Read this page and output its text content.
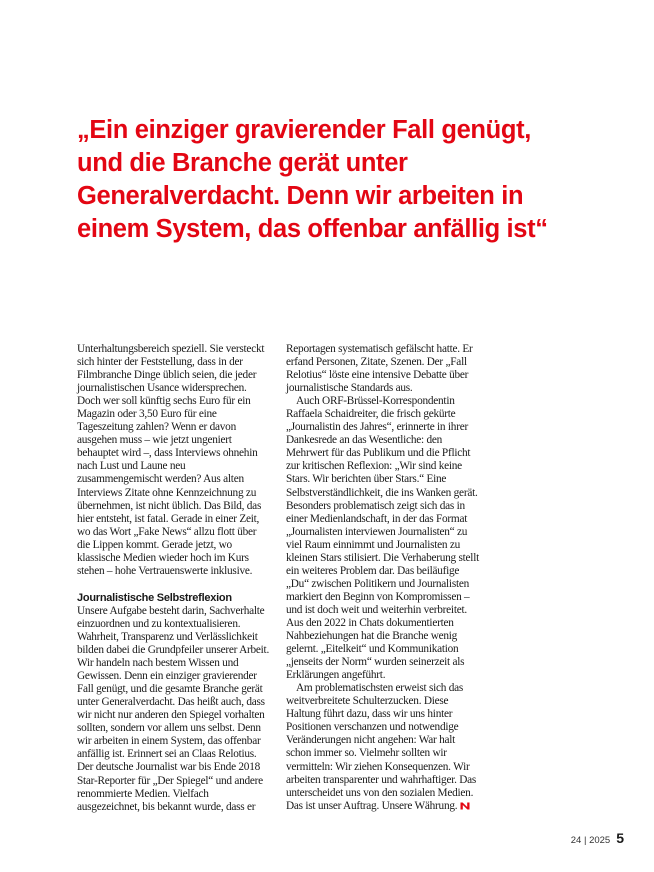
„Ein einziger gravierender Fall genügt,
und die Branche gerät unter
Generalverdacht. Denn wir arbeiten in
einem System, das offenbar anfällig ist“

Unterhaltungsbereich speziell. Sie versteckt sich hinter der Feststellung, dass in der Filmbranche Dinge üblich seien, die jeder journalistischen Usance widersprechen. Doch wer soll künftig sechs Euro für ein Magazin oder 3,50 Euro für eine Tageszeitung zahlen? Wenn er davon ausgehen muss – wie jetzt ungeniert behauptet wird –, dass Interviews ohnehin nach Lust und Laune neu zusammengemischt werden? Aus alten Interviews Zitate ohne Kennzeichnung zu übernehmen, ist nicht üblich. Das Bild, das hier entsteht, ist fatal. Gerade in einer Zeit, wo das Wort „Fake News“ allzu flott über die Lippen kommt. Gerade jetzt, wo klassische Medien wieder hoch im Kurs stehen – hohe Vertrauenswerte inklusive.

Journalistische Selbstreflexion

Unsere Aufgabe besteht darin, Sachverhalte einzuordnen und zu kontextualisieren. Wahrheit, Transparenz und Verlässlichkeit bilden dabei die Grundpfeiler unserer Arbeit. Wir handeln nach bestem Wissen und Gewissen. Denn ein einziger gravierender Fall genügt, und die gesamte Branche gerät unter Generalverdacht. Das heißt auch, dass wir nicht nur anderen den Spiegel vorhalten sollten, sondern vor allem uns selbst. Denn wir arbeiten in einem System, das offenbar anfällig ist. Erinnert sei an Claas Relotius. Der deutsche Journalist war bis Ende 2018 Star-Reporter für „Der Spiegel“ und andere renommierte Medien. Vielfach ausgezeichnet, bis bekannt wurde, dass er

Reportagen systematisch gefälscht hatte. Er erfand Personen, Zitate, Szenen. Der „Fall Relotius“ löste eine intensive Debatte über journalistische Standards aus.

Auch ORF-Brüssel-Korrespondentin Raffaela Schaidreiter, die frisch gekürte „Journalistin des Jahres“, erinnerte in ihrer Dankesrede an das Wesentliche: den Mehrwert für das Publikum und die Pflicht zur kritischen Reflexion: „Wir sind keine Stars. Wir berichten über Stars.“ Eine Selbstverständlichkeit, die ins Wanken gerät. Besonders problematisch zeigt sich das in einer Medienlandschaft, in der das Format „Journalisten interviewen Journalisten“ zu viel Raum einnimmt und Journalisten zu kleinen Stars stilisiert. Die Verhaberung stellt ein weiteres Problem dar. Das beiläufige „Du“ zwischen Politikern und Journalisten markiert den Beginn von Kompromissen – und ist doch weit und weiterhin verbreitet. Aus den 2022 in Chats dokumentierten Nahbeziehungen hat die Branche wenig gelernt. „Eitelkeit“ und Kommunikation „jenseits der Norm“ wurden seinerzeit als Erklärungen angeführt.

Am problematischsten erweist sich das weitverbreitete Schulterzucken. Diese Haltung führt dazu, dass wir uns hinter Positionen verschanzen und notwendige Veränderungen nicht angehen: War halt schon immer so. Vielmehr sollten wir vermitteln: Wir ziehen Konsequenzen. Wir arbeiten transparenter und wahrhaftiger. Das unterscheidet uns von den sozialen Medien. Das ist unser Auftrag. Unsere Währung.

24 | 2025 5
